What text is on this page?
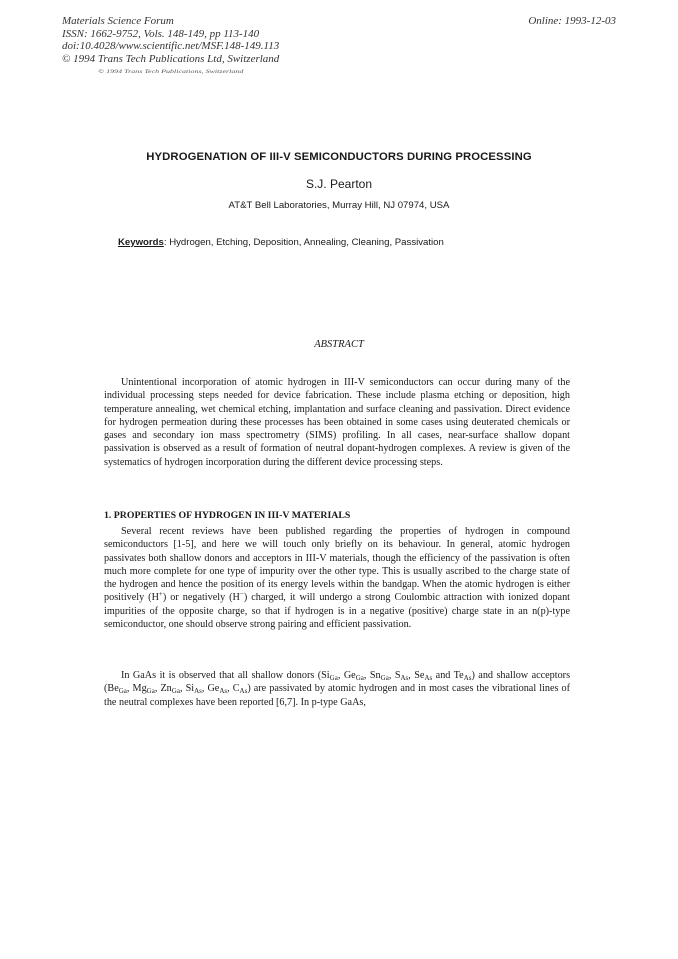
Materials Science Forum
ISSN: 1662-9752, Vols. 148-149, pp 113-140
doi:10.4028/www.scientific.net/MSF.148-149.113
© 1994 Trans Tech Publications Ltd, Switzerland
Online: 1993-12-03
© 1994 Trans Tech Publications, Switzerland
HYDROGENATION OF III-V SEMICONDUCTORS DURING PROCESSING
S.J. Pearton
AT&T Bell Laboratories, Murray Hill, NJ 07974, USA
Keywords: Hydrogen, Etching, Deposition, Annealing, Cleaning, Passivation
ABSTRACT
Unintentional incorporation of atomic hydrogen in III-V semiconductors can occur during many of the individual processing steps needed for device fabrication. These include plasma etching or deposition, high temperature annealing, wet chemical etching, implantation and surface cleaning and passivation. Direct evidence for hydrogen permeation during these processes has been obtained in some cases using deuterated chemicals or gases and secondary ion mass spectrometry (SIMS) profiling. In all cases, near-surface shallow dopant passivation is observed as a result of formation of neutral dopant-hydrogen complexes. A review is given of the systematics of hydrogen incorporation during the different device processing steps.
1. PROPERTIES OF HYDROGEN IN III-V MATERIALS
Several recent reviews have been published regarding the properties of hydrogen in compound semiconductors [1-5], and here we will touch only briefly on its behaviour. In general, atomic hydrogen passivates both shallow donors and acceptors in III-V materials, though the efficiency of the passivation is often much more complete for one type of impurity over the other type. This is usually ascribed to the charge state of the hydrogen and hence the position of its energy levels within the bandgap. When the atomic hydrogen is either positively (H+) or negatively (H−) charged, it will undergo a strong Coulombic attraction with ionized dopant impurities of the opposite charge, so that if hydrogen is in a negative (positive) charge state in an n(p)-type semiconductor, one should observe strong pairing and efficient passivation.
In GaAs it is observed that all shallow donors ($Si_{Ga}$, $Ge_{Ga}$, $Sn_{Ga}$, $S_{As}$, $Se_{As}$ and $Te_{As}$) and shallow acceptors ($Be_{Ga}$, $Mg_{Ga}$, $Zn_{Ga}$, $Si_{As}$, $Ge_{As}$, $C_{As}$) are passivated by atomic hydrogen and in most cases the vibrational lines of the neutral complexes have been reported [6,7]. In p-type GaAs,
